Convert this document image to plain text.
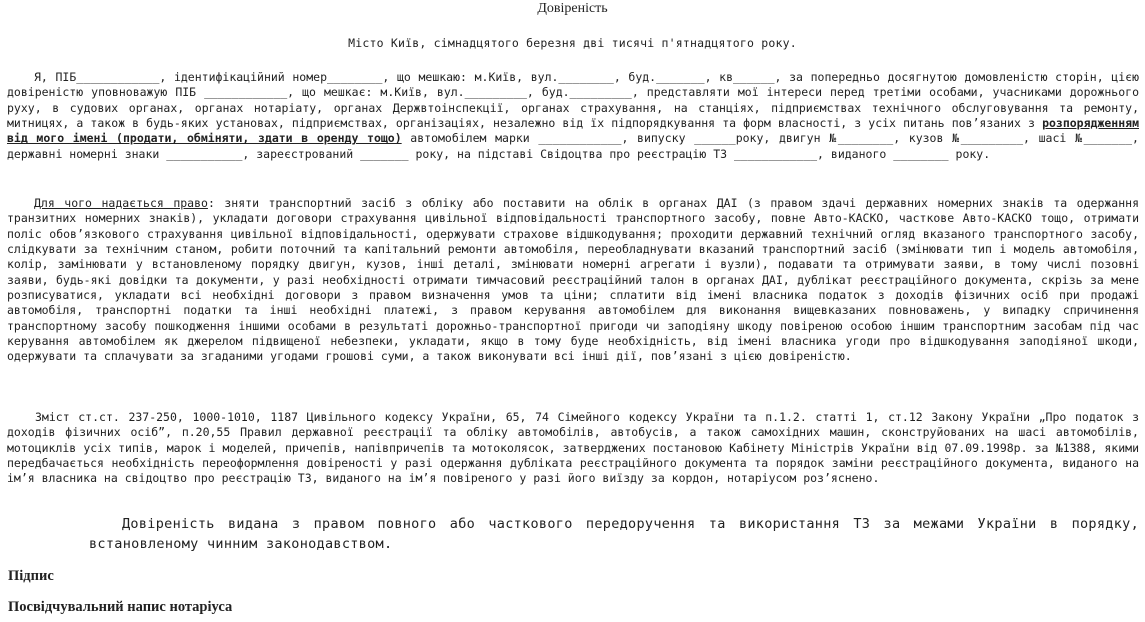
Довіреність
Місто Київ, сімнадцятого березня дві тисячі п'ятнадцятого року.
Я, ПІБ____________, ідентифікаційний номер________, що мешкаю: м.Київ, вул.________, буд._______, кв______, за попередньо досягнутою домовленістю сторін, цією довіреністю уповноважую ПІБ ____________, що мешкає: м.Київ, вул._________, буд._________, представляти мої інтереси перед третіми особами, учасниками дорожнього руху, в судових органах, органах нотаріату, органах Держвтоінспекції, органах страхування, на станціях, підприємствах технічного обслуговування та ремонту, митницях, а також в будь-яких установах, підприємствах, організаціях, незалежно від їх підпорядкування та форм власності, з усіх питань пов’язаних з розпорядженням від мого імені (продати, обміняти, здати в оренду тощо) автомобілем марки ____________, випуску ______року, двигун №________, кузов №_________, шасі №_______, державні номерні знаки ___________, зареєстрований _______ року, на підставі Свідоцтва про реєстрацію ТЗ ____________, виданого ________ року.
Для чого надається право: зняти транспортний засіб з обліку або поставити на облік в органах ДАІ (з правом здачі державних номерних знаків та одержання транзитних номерних знаків), укладати договори страхування цивільної відповідальності транспортного засобу, повне Авто-КАСКО, часткове Авто-КАСКО тощо, отримати поліс обов’язкового страхування цивільної відповідальності, одержувати страхове відшкодування; проходити державний технічний огляд вказаного транспортного засобу, слідкувати за технічним станом, робити поточний та капітальний ремонти автомобіля, переобладнувати вказаний транспортний засіб (змінювати тип і модель автомобіля, колір, замінювати у встановленому порядку двигун, кузов, інші деталі, змінювати номерні агрегати і вузли), подавати та отримувати заяви, в тому числі позовні заяви, будь-які довідки та документи, у разі необхідності отримати тимчасовий реєстраційний талон в органах ДАІ, дублікат реєстраційного документа, скрізь за мене розписуватися, укладати всі необхідні договори з правом визначення умов та ціни; сплатити від імені власника податок з доходів фізичних осіб при продажі автомобіля, транспортні податки та інші необхідні платежі, з правом керування автомобілем для виконання вищевказаних повноважень, у випадку спричинення транспортному засобу пошкодження іншими особами в результаті дорожньо-транспортної пригоди чи заподіяну шкоду повіреною особою іншим транспортним засобам під час керування автомобілем як джерелом підвищеної небезпеки, укладати, якщо в тому буде необхідність, від імені власника угоди про відшкодування заподіяної шкоди, одержувати та сплачувати за згаданими угодами грошові суми, а також виконувати всі інші дії, пов’язані з цією довіреністю.
Зміст ст.ст. 237-250, 1000-1010, 1187 Цивільного кодексу України, 65, 74 Сімейного кодексу України та п.1.2. статті 1, ст.12 Закону України „Про податок з доходів фізичних осіб”, п.20,55 Правил державної реєстрації та обліку автомобілів, автобусів, а також самохідних машин, сконструйованих на шасі автомобілів, мотоциклів усіх типів, марок і моделей, причепів, напівпричепів та мотоколясок, затверджених постановою Кабінету Міністрів України від 07.09.1998р. за №1388, якими передбачається необхідність переоформлення довіреності у разі одержання дубліката реєстраційного документа та порядок заміни реєстраційного документа, виданого на ім’я власника на свідоцтво про реєстрацію ТЗ, виданого на ім’я повіреного у разі його виїзду за кордон, нотаріусом роз’яснено.
Довіреність видана з правом повного або часткового передоручення та використання ТЗ за межами України в порядку, встановленому чинним законодавством.
Підпис
Посвідчувальний напис нотаріуса
